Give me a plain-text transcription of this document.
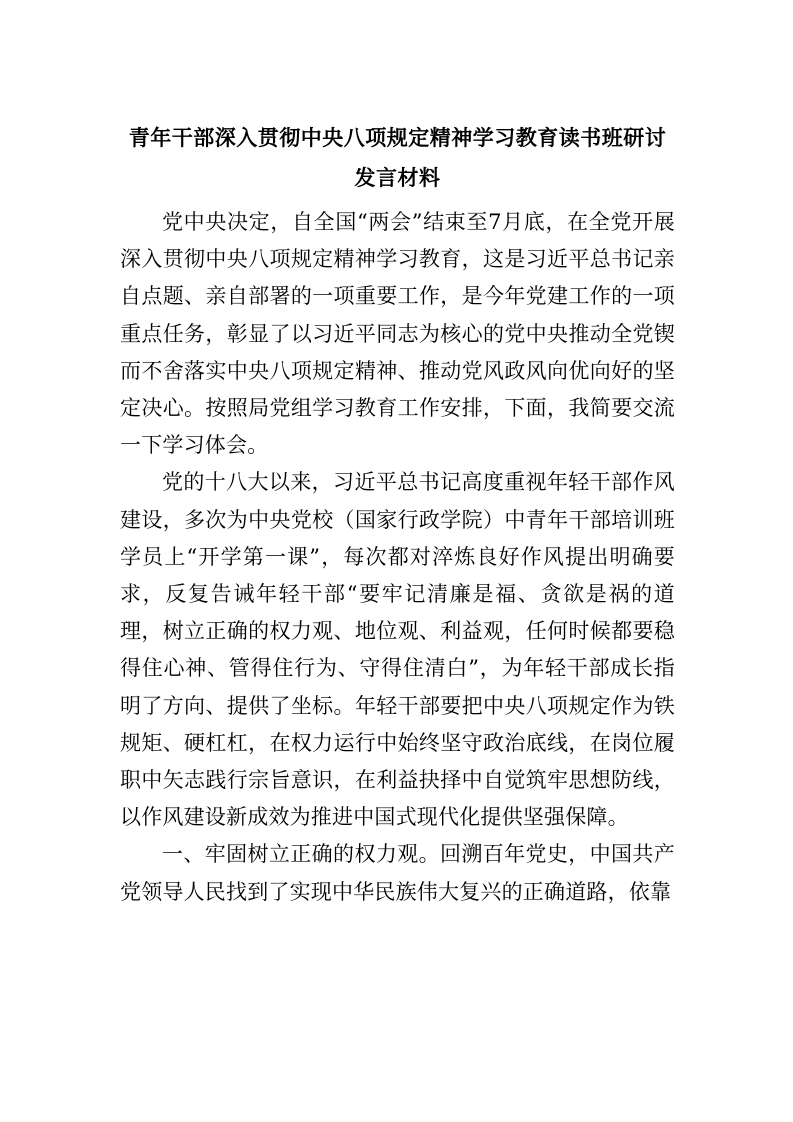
青年干部深入贯彻中央八项规定精神学习教育读书班研讨
发言材料

党中央决定，自全国“两会”结束至7月底，在全党开展深入贯彻中央八项规定精神学习教育，这是习近平总书记亲自点题、亲自部署的一项重要工作，是今年党建工作的一项重点任务，彰显了以习近平同志为核心的党中央推动全党锲而不舍落实中央八项规定精神、推动党风政风向优向好的坚定决心。按照局党组学习教育工作安排，下面，我简要交流一下学习体会。

党的十八大以来，习近平总书记高度重视年轻干部作风建设，多次为中央党校（国家行政学院）中青年干部培训班学员上“开学第一课”，每次都对淬炼良好作风提出明确要求，反复告诫年轻干部“要牢记清廉是福、贪欲是祸的道理，树立正确的权力观、地位观、利益观，任何时候都要稳得住心神、管得住行为、守得住清白”，为年轻干部成长指明了方向、提供了坐标。年轻干部要把中央八项规定作为铁规矩、硬杠杠，在权力运行中始终坚守政治底线，在岗位履职中矢志践行宗旨意识，在利益抉择中自觉筑牢思想防线，以作风建设新成效为推进中国式现代化提供坚强保障。

一、牢固树立正确的权力观。回溯百年党史，中国共产党领导人民找到了实现中华民族伟大复兴的正确道路，依靠
